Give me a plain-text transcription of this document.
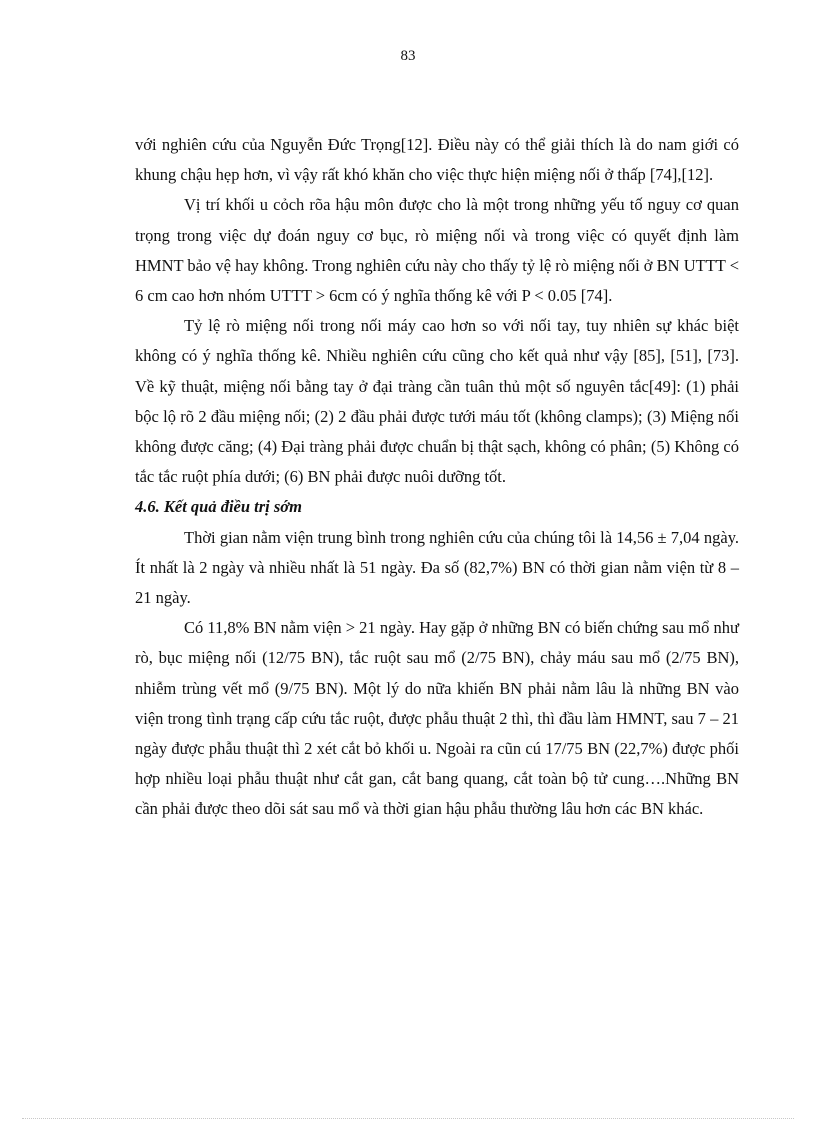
83

với nghiên cứu của Nguyễn Đức Trọng[12]. Điều này có thể giải thích là do nam giới có khung chậu hẹp hơn, vì vậy rất khó khăn cho việc thực hiện miệng nối ở thấp [74],[12].

Vị trí khối u cỏch rõa hậu môn được cho là một trong những yếu tố nguy cơ quan trọng trong việc dự đoán nguy cơ bục, rò miệng nối và trong việc có quyết định làm HMNT bảo vệ hay không. Trong nghiên cứu này cho thấy tỷ lệ rò miệng nối ở BN UTTT < 6 cm cao hơn nhóm UTTT > 6cm có ý nghĩa thống kê với P < 0.05 [74].

Tỷ lệ rò miệng nối trong nối máy cao hơn so với nối tay, tuy nhiên sự khác biệt không có ý nghĩa thống kê. Nhiều nghiên cứu cũng cho kết quả như vậy [85], [51], [73]. Về kỹ thuật, miệng nối bằng tay ở đại tràng cần tuân thủ một số nguyên tắc[49]: (1) phải bộc lộ rõ 2 đầu miệng nối; (2) 2 đầu phải được tưới máu tốt (không clamps); (3) Miệng nối không được căng; (4) Đại tràng phải được chuẩn bị thật sạch, không có phân; (5) Không có tắc tắc ruột phía dưới; (6) BN phải được nuôi dưỡng tốt.

4.6. Kết quả điều trị sớm

Thời gian nằm viện trung bình trong nghiên cứu của chúng tôi là 14,56 ± 7,04 ngày. Ít nhất là 2 ngày và nhiều nhất là 51 ngày. Đa số (82,7%) BN có thời gian nằm viện từ 8 – 21 ngày.

Có 11,8% BN nằm viện > 21 ngày. Hay gặp ở những BN có biến chứng sau mổ như rò, bục miệng nối (12/75 BN), tắc ruột sau mổ (2/75 BN), chảy máu sau mổ (2/75 BN), nhiễm trùng vết mổ (9/75 BN). Một lý do nữa khiến BN phải nằm lâu là những BN vào viện trong tình trạng cấp cứu tắc ruột, được phẫu thuật 2 thì, thì đầu làm HMNT, sau 7 – 21 ngày được phẫu thuật thì 2 xét cắt bỏ khối u. Ngoài ra cũn cú 17/75 BN (22,7%) được phối hợp nhiều loại phẫu thuật như cắt gan, cắt bang quang, cắt toàn bộ tử cung….Những BN cần phải được theo dõi sát sau mổ và thời gian hậu phẫu thường lâu hơn các BN khác.
